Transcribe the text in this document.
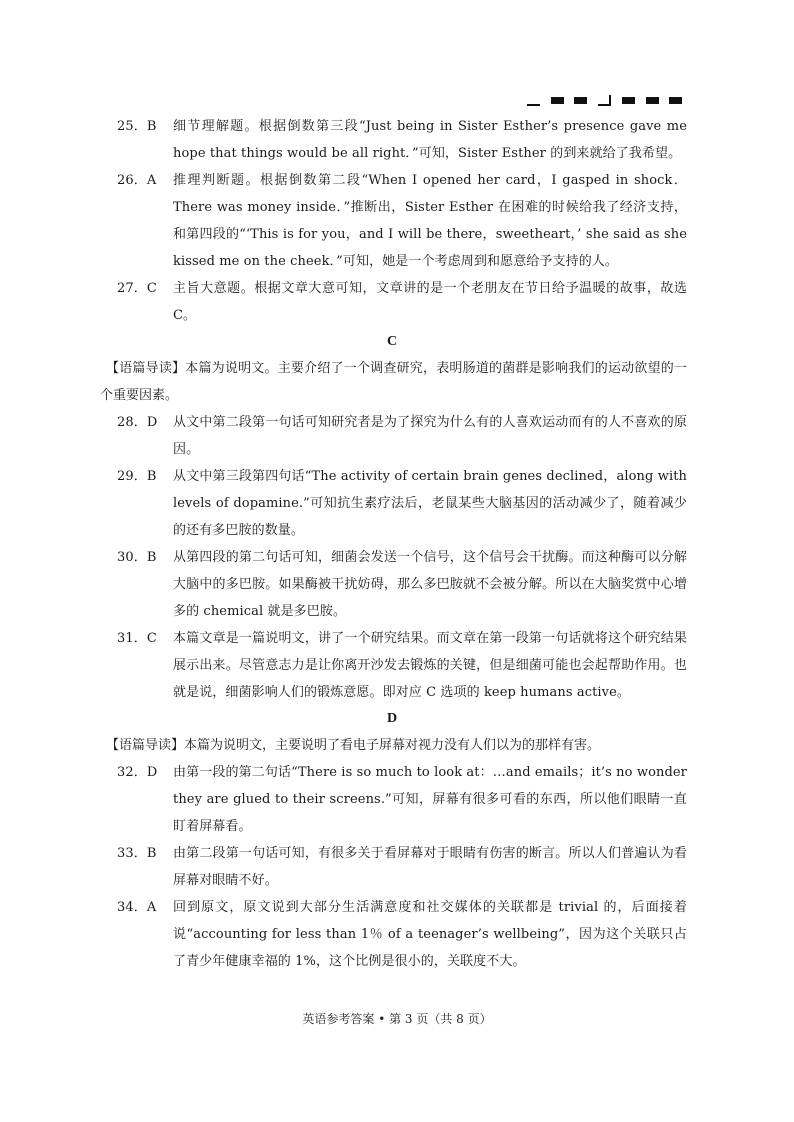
25．B 细节理解题。根据倒数第三段“Just being in Sister Esther’s presence gave me hope that things would be all right．”可知，Sister Esther 的到来就给了我希望。
26．A 推理判断题。根据倒数第二段“When I opened her card，I gasped in shock．There was money inside．”推断出，Sister Esther 在困难的时候给我了经济支持，和第四段的“‘This is for you，and I will be there，sweetheart，’ she said as she kissed me on the cheek．”可知，她是一个考虑周到和愿意给予支持的人。
27．C 主旨大意题。根据文章大意可知，文章讲的是一个老朋友在节日给予温暖的故事，故选 C。
C
【语篇导读】本篇为说明文。主要介绍了一个调查研究，表明肠道的菌群是影响我们的运动欲望的一个重要因素。
28．D 从文中第二段第一句话可知研究者是为了探究为什么有的人喜欢运动而有的人不喜欢的原因。
29．B 从文中第三段第四句话“The activity of certain brain genes declined，along with levels of dopamine.”可知抗生素疗法后，老鼠某些大脑基因的活动减少了，随着减少的还有多巴胺的数量。
30．B 从第四段的第二句话可知，细菌会发送一个信号，这个信号会干扰酶。而这种酶可以分解大脑中的多巴胺。如果酶被干扰妨碍，那么多巴胺就不会被分解。所以在大脑奖赏中心增多的 chemical 就是多巴胺。
31．C 本篇文章是一篇说明文，讲了一个研究结果。而文章在第一段第一句话就将这个研究结果展示出来。尽管意志力是让你离开沙发去锻炼的关键，但是细菌可能也会起帮助作用。也就是说，细菌影响人们的锻炼意愿。即对应 C 选项的 keep humans active。
D
【语篇导读】本篇为说明文，主要说明了看电子屏幕对视力没有人们以为的那样有害。
32．D 由第一段的第二句话“There is so much to look at：…and emails；it’s no wonder they are glued to their screens.”可知，屏幕有很多可看的东西，所以他们眼睛一直盯着屏幕看。
33．B 由第二段第一句话可知，有很多关于看屏幕对于眼睛有伤害的断言。所以人们普遍认为看屏幕对眼睛不好。
34．A 回到原文，原文说到大部分生活满意度和社交媒体的关联都是 trivial 的，后面接着说“accounting for less than 1％ of a teenager’s wellbeing”，因为这个关联只占了青少年健康幸福的 1%，这个比例是很小的，关联度不大。
英语参考答案 • 第 3 页（共 8 页）
